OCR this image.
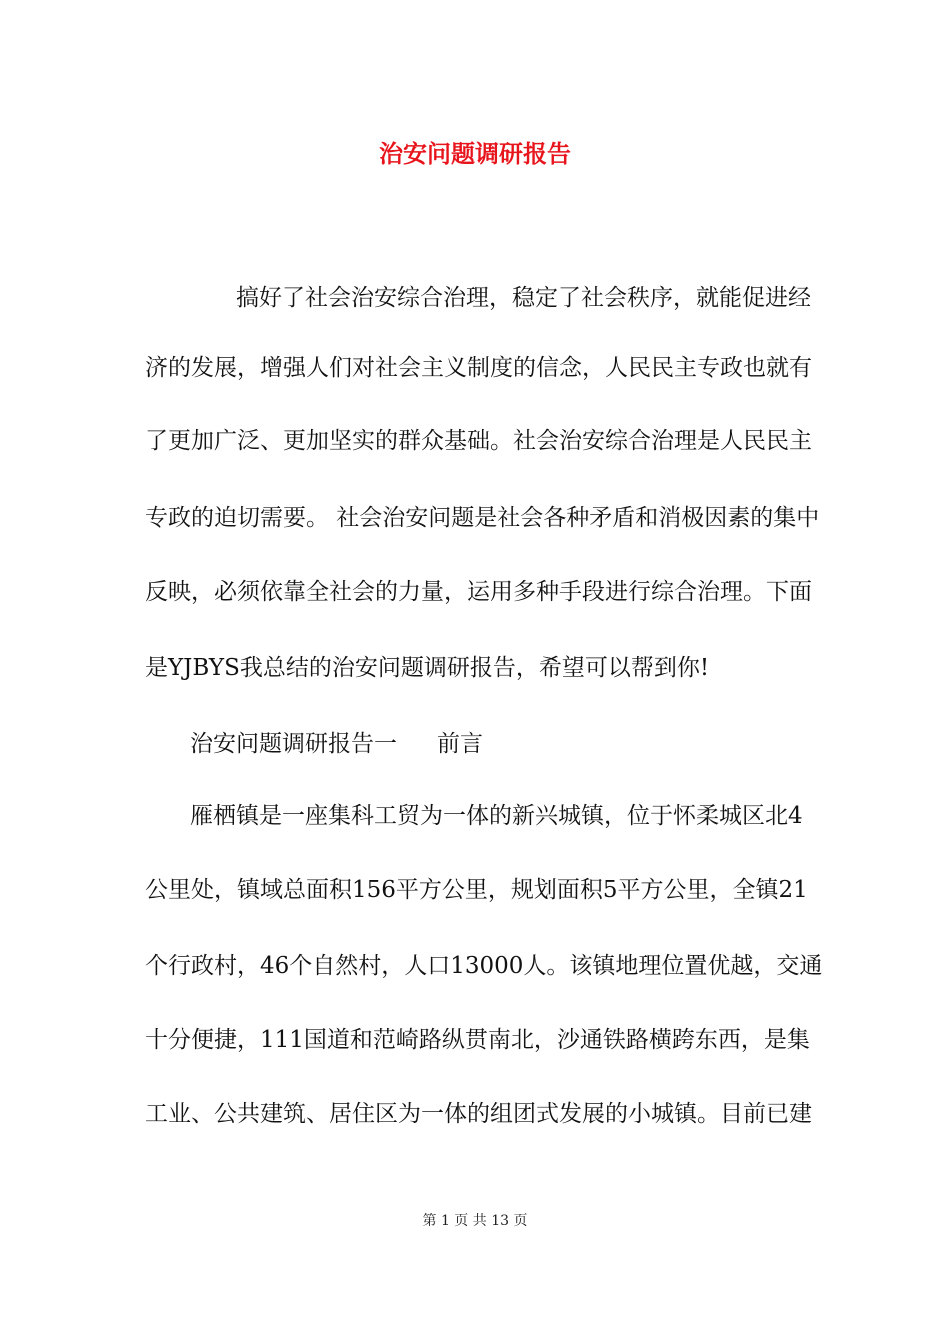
治安问题调研报告
搞好了社会治安综合治理，稳定了社会秩序，就能促进经
济的发展，增强人们对社会主义制度的信念，人民民主专政也就有
了更加广泛、更加坚实的群众基础。社会治安综合治理是人民民主
专政的迫切需要。 社会治安问题是社会各种矛盾和消极因素的集中
反映，必须依靠全社会的力量，运用多种手段进行综合治理。下面
是YJBYS我总结的治安问题调研报告，希望可以帮到你!
治安问题调研报告一 前言
雁栖镇是一座集科工贸为一体的新兴城镇，位于怀柔城区北4
公里处，镇域总面积156平方公里，规划面积5平方公里，全镇21
个行政村，46个自然村，人口13000人。该镇地理位置优越，交通
十分便捷，111国道和范崎路纵贯南北，沙通铁路横跨东西，是集
工业、公共建筑、居住区为一体的组团式发展的小城镇。目前已建
第 1 页 共 13 页
